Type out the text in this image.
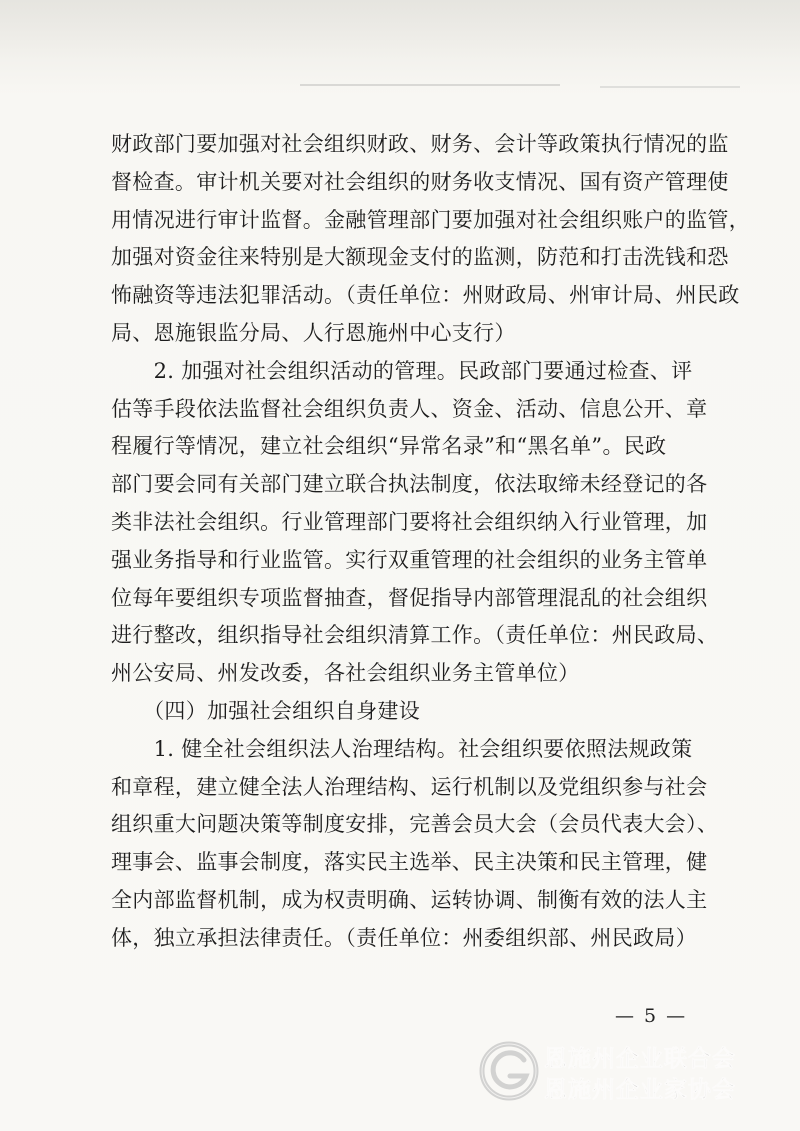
财政部门要加强对社会组织财政、财务、会计等政策执行情况的监
督检查。审计机关要对社会组织的财务收支情况、国有资产管理使
用情况进行审计监督。金融管理部门要加强对社会组织账户的监管，
加强对资金往来特别是大额现金支付的监测，防范和打击洗钱和恐
怖融资等违法犯罪活动。（责任单位：州财政局、州审计局、州民政
局、恩施银监分局、人行恩施州中心支行）
　　2. 加强对社会组织活动的管理。民政部门要通过检查、评
估等手段依法监督社会组织负责人、资金、活动、信息公开、章
程履行等情况，建立社会组织“异常名录”和“黑名单”。民政
部门要会同有关部门建立联合执法制度，依法取缔未经登记的各
类非法社会组织。行业管理部门要将社会组织纳入行业管理，加
强业务指导和行业监管。实行双重管理的社会组织的业务主管单
位每年要组织专项监督抽查，督促指导内部管理混乱的社会组织
进行整改，组织指导社会组织清算工作。（责任单位：州民政局、
州公安局、州发改委，各社会组织业务主管单位）
　　（四）加强社会组织自身建设
　　1. 健全社会组织法人治理结构。社会组织要依照法规政策
和章程，建立健全法人治理结构、运行机制以及党组织参与社会
组织重大问题决策等制度安排，完善会员大会（会员代表大会）、
理事会、监事会制度，落实民主选举、民主决策和民主管理，健
全内部监督机制，成为权责明确、运转协调、制衡有效的法人主
体，独立承担法律责任。（责任单位：州委组织部、州民政局）
— 5 —
恩施州企业联合会
恩施州企业家协会
